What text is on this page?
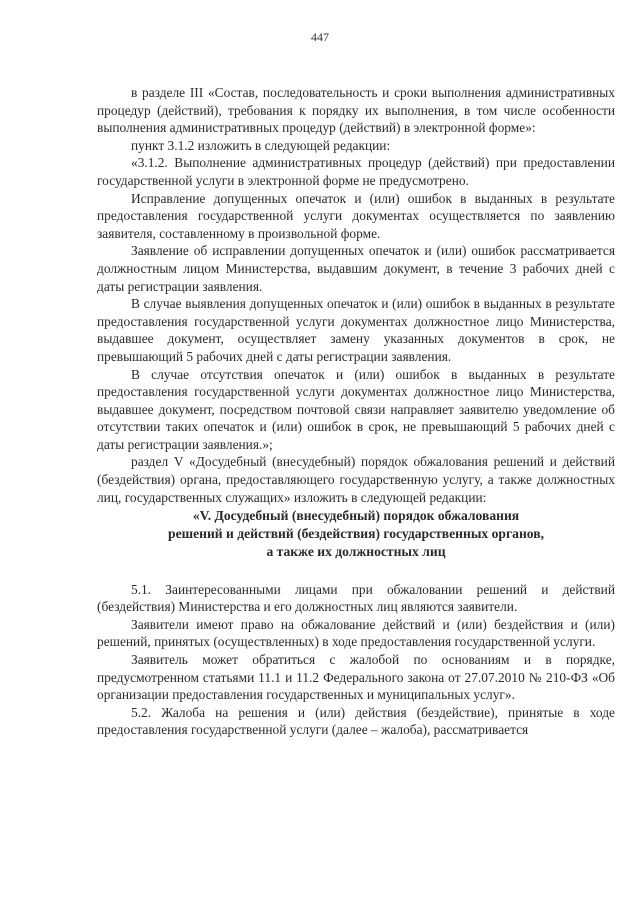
447

в разделе III «Состав, последовательность и сроки выполнения административных процедур (действий), требования к порядку их выполнения, в том числе особенности выполнения административных процедур (действий) в электронной форме»:

пункт 3.1.2 изложить в следующей редакции:

«3.1.2. Выполнение административных процедур (действий) при предоставлении государственной услуги в электронной форме не предусмотрено.

Исправление допущенных опечаток и (или) ошибок в выданных в результате предоставления государственной услуги документах осуществляется по заявлению заявителя, составленному в произвольной форме.

Заявление об исправлении допущенных опечаток и (или) ошибок рассматривается должностным лицом Министерства, выдавшим документ, в течение 3 рабочих дней с даты регистрации заявления.

В случае выявления допущенных опечаток и (или) ошибок в выданных в результате предоставления государственной услуги документах должностное лицо Министерства, выдавшее документ, осуществляет замену указанных документов в срок, не превышающий 5 рабочих дней с даты регистрации заявления.

В случае отсутствия опечаток и (или) ошибок в выданных в результате предоставления государственной услуги документах должностное лицо Министерства, выдавшее документ, посредством почтовой связи направляет заявителю уведомление об отсутствии таких опечаток и (или) ошибок в срок, не превышающий 5 рабочих дней с даты регистрации заявления.»;

раздел V «Досудебный (внесудебный) порядок обжалования решений и действий (бездействия) органа, предоставляющего государственную услугу, а также должностных лиц, государственных служащих» изложить в следующей редакции:

«V. Досудебный (внесудебный) порядок обжалования
решений и действий (бездействия) государственных органов,
а также их должностных лиц

5.1. Заинтересованными лицами при обжаловании решений и действий (бездействия) Министерства и его должностных лиц являются заявители.

Заявители имеют право на обжалование действий и (или) бездействия и (или) решений, принятых (осуществленных) в ходе предоставления государственной услуги.

Заявитель может обратиться с жалобой по основаниям и в порядке, предусмотренном статьями 11.1 и 11.2 Федерального закона от 27.07.2010 № 210-ФЗ «Об организации предоставления государственных и муниципальных услуг».

5.2. Жалоба на решения и (или) действия (бездействие), принятые в ходе предоставления государственной услуги (далее – жалоба), рассматривается
